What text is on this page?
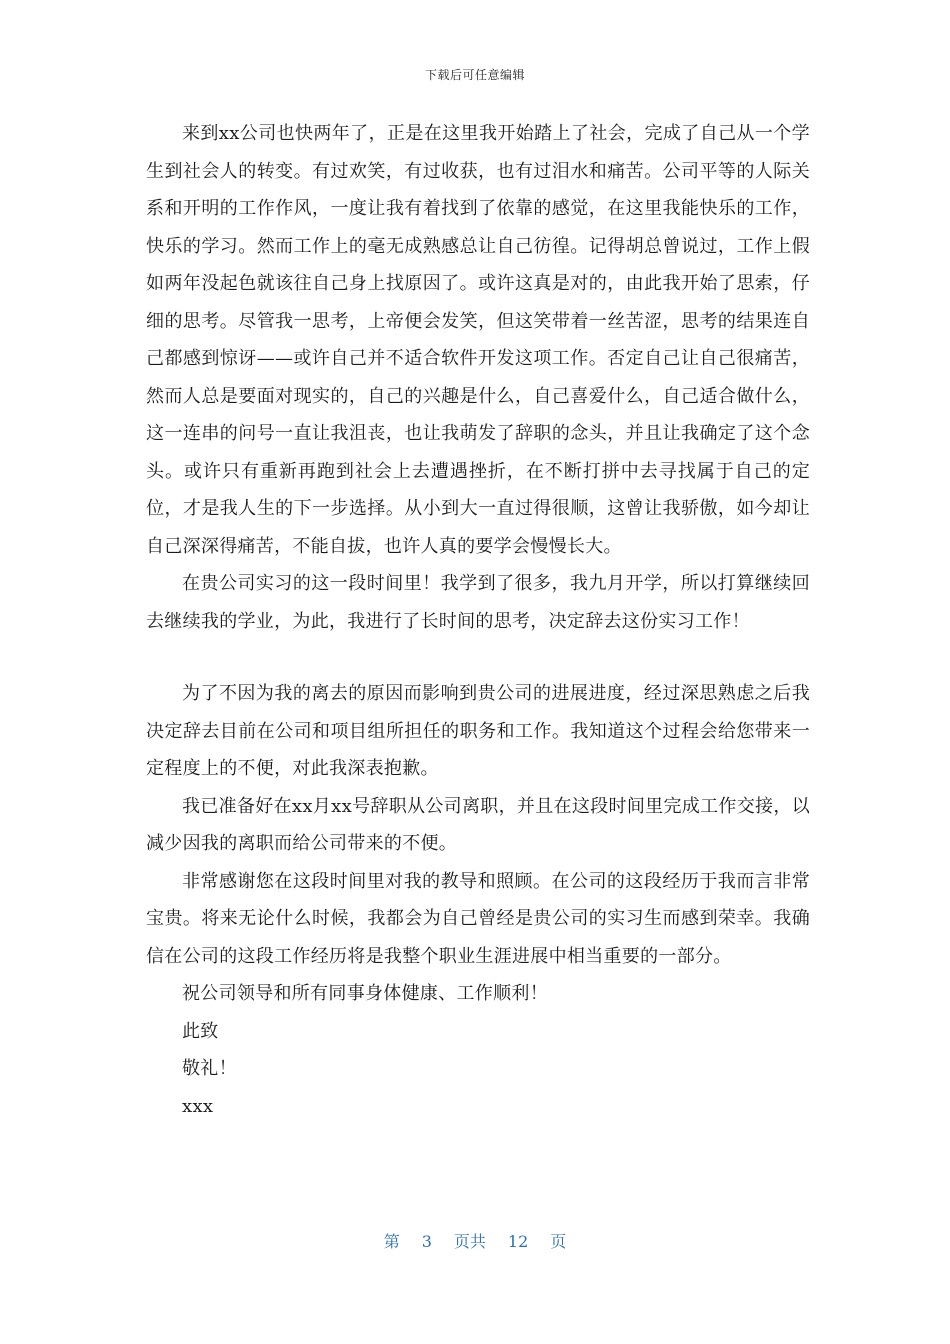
下载后可任意编辑

来到xx公司也快两年了，正是在这里我开始踏上了社会，完成了自己从一个学生到社会人的转变。有过欢笑，有过收获，也有过泪水和痛苦。公司平等的人际关系和开明的工作作风，一度让我有着找到了依靠的感觉，在这里我能快乐的工作，快乐的学习。然而工作上的毫无成熟感总让自己彷徨。记得胡总曾说过，工作上假如两年没起色就该往自己身上找原因了。或许这真是对的，由此我开始了思索，仔细的思考。尽管我一思考，上帝便会发笑，但这笑带着一丝苦涩，思考的结果连自己都感到惊讶——或许自己并不适合软件开发这项工作。否定自己让自己很痛苦，然而人总是要面对现实的，自己的兴趣是什么，自己喜爱什么，自己适合做什么，这一连串的问号一直让我沮丧，也让我萌发了辞职的念头，并且让我确定了这个念头。或许只有重新再跑到社会上去遭遇挫折，在不断打拼中去寻找属于自己的定位，才是我人生的下一步选择。从小到大一直过得很顺，这曾让我骄傲，如今却让自己深深得痛苦，不能自拔，也许人真的要学会慢慢长大。

在贵公司实习的这一段时间里！我学到了很多，我九月开学，所以打算继续回去继续我的学业，为此，我进行了长时间的思考，决定辞去这份实习工作！

为了不因为我的离去的原因而影响到贵公司的进展进度，经过深思熟虑之后我决定辞去目前在公司和项目组所担任的职务和工作。我知道这个过程会给您带来一定程度上的不便，对此我深表抱歉。

我已准备好在xx月xx号辞职从公司离职，并且在这段时间里完成工作交接，以减少因我的离职而给公司带来的不便。

非常感谢您在这段时间里对我的教导和照顾。在公司的这段经历于我而言非常宝贵。将来无论什么时候，我都会为自己曾经是贵公司的实习生而感到荣幸。我确信在公司的这段工作经历将是我整个职业生涯进展中相当重要的一部分。

祝公司领导和所有同事身体健康、工作顺利！

此致

敬礼！

xxx

第 3 页共 12 页
